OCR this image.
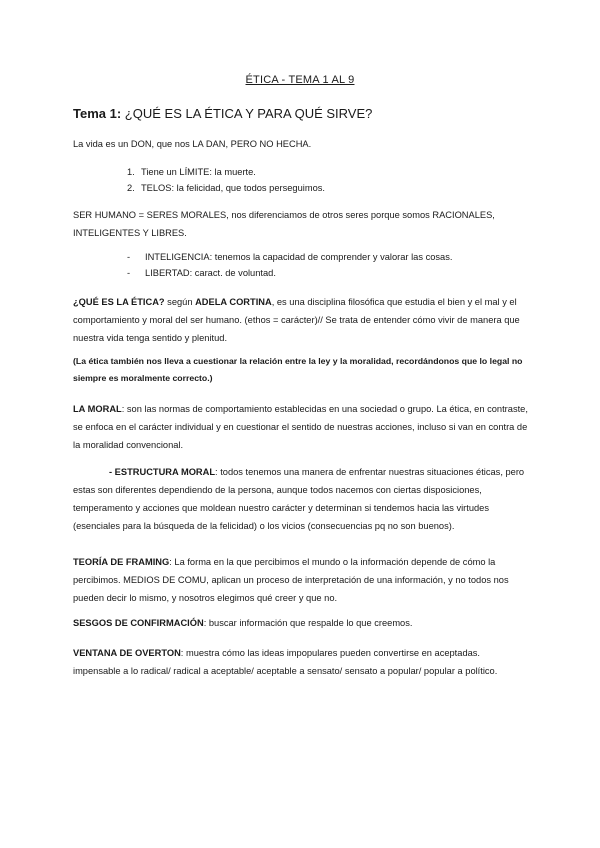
ÉTICA - TEMA 1 AL 9
Tema 1: ¿QUÉ ES LA ÉTICA Y PARA QUÉ SIRVE?

La vida es un DON, que nos LA DAN, PERO NO HECHA.

1. Tiene un LÍMITE: la muerte.
2. TELOS: la felicidad, que todos perseguimos.

SER HUMANO = SERES MORALES, nos diferenciamos de otros seres porque somos RACIONALES, INTELIGENTES Y LIBRES.

- INTELIGENCIA: tenemos la capacidad de comprender y valorar las cosas.
- LIBERTAD: caract. de voluntad.

¿QUÉ ES LA ÉTICA? según ADELA CORTINA, es una disciplina filosófica que estudia el bien y el mal y el comportamiento y moral del ser humano. (ethos = carácter)// Se trata de entender cómo vivir de manera que nuestra vida tenga sentido y plenitud.

(La ética también nos lleva a cuestionar la relación entre la ley y la moralidad, recordándonos que lo legal no siempre es moralmente correcto.)

LA MORAL: son las normas de comportamiento establecidas en una sociedad o grupo. La ética, en contraste, se enfoca en el carácter individual y en cuestionar el sentido de nuestras acciones, incluso si van en contra de la moralidad convencional.

- ESTRUCTURA MORAL: todos tenemos una manera de enfrentar nuestras situaciones éticas, pero estas son diferentes dependiendo de la persona, aunque todos nacemos con ciertas disposiciones, temperamento y acciones que moldean nuestro carácter y determinan si tendemos hacia las virtudes (esenciales para la búsqueda de la felicidad) o los vicios (consecuencias pq no son buenos).

TEORÍA DE FRAMING: La forma en la que percibimos el mundo o la información depende de cómo la percibimos. MEDIOS DE COMU, aplican un proceso de interpretación de una información, y no todos nos pueden decir lo mismo, y nosotros elegimos qué creer y que no.

SESGOS DE CONFIRMACIÓN: buscar información que respalde lo que creemos.

VENTANA DE OVERTON: muestra cómo las ideas impopulares pueden convertirse en aceptadas. impensable a lo radical/ radical a aceptable/ aceptable a sensato/ sensato a popular/ popular a político.
